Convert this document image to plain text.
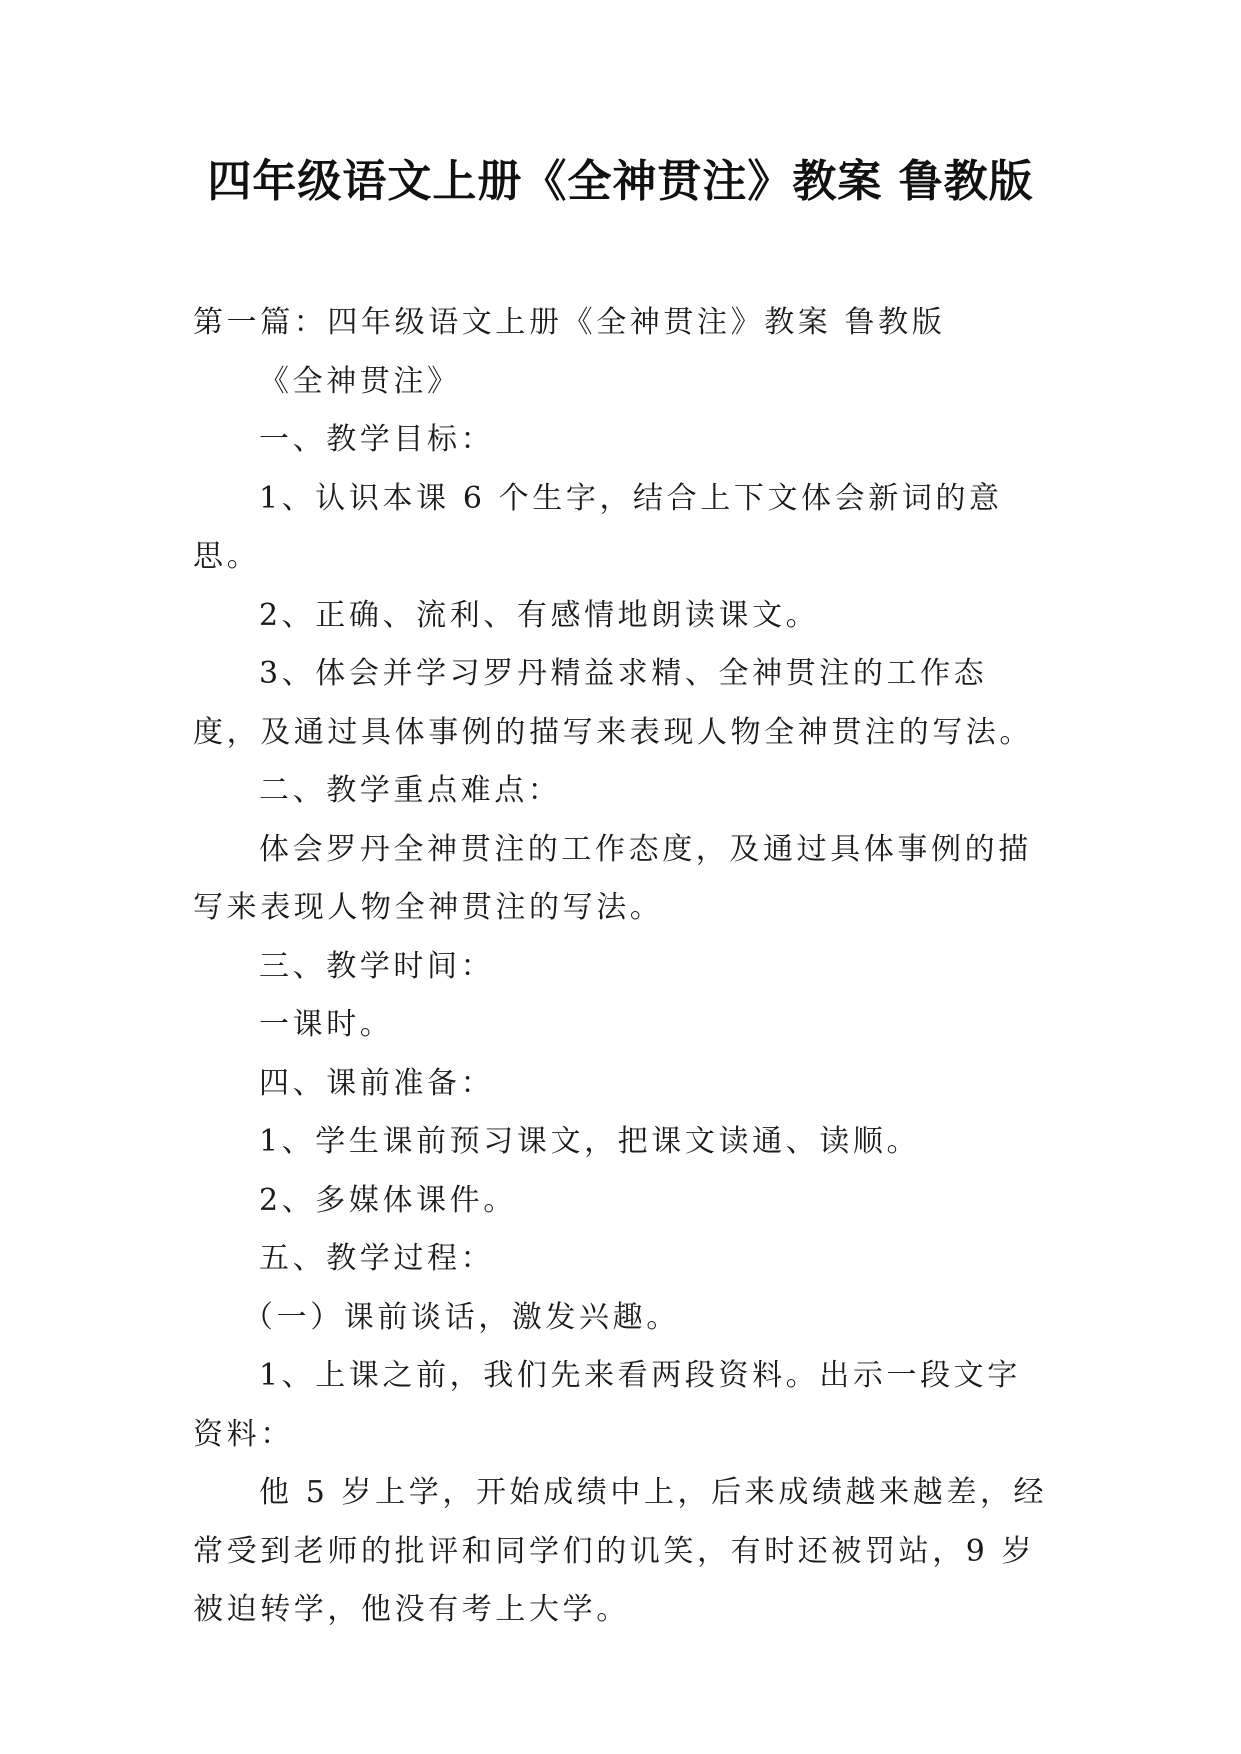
四年级语文上册《全神贯注》教案 鲁教版

第一篇：四年级语文上册《全神贯注》教案 鲁教版

《全神贯注》

一、教学目标：

1、认识本课 6 个生字，结合上下文体会新词的意思。

2、正确、流利、有感情地朗读课文。

3、体会并学习罗丹精益求精、全神贯注的工作态度，及通过具体事例的描写来表现人物全神贯注的写法。

二、教学重点难点：

体会罗丹全神贯注的工作态度，及通过具体事例的描写来表现人物全神贯注的写法。

三、教学时间：

一课时。

四、课前准备：

1、学生课前预习课文，把课文读通、读顺。

2、多媒体课件。

五、教学过程：

（一）课前谈话，激发兴趣。

1、上课之前，我们先来看两段资料。出示一段文字资料：

他 5 岁上学，开始成绩中上，后来成绩越来越差，经常受到老师的批评和同学们的讥笑，有时还被罚站，9 岁被迫转学，他没有考上大学。
